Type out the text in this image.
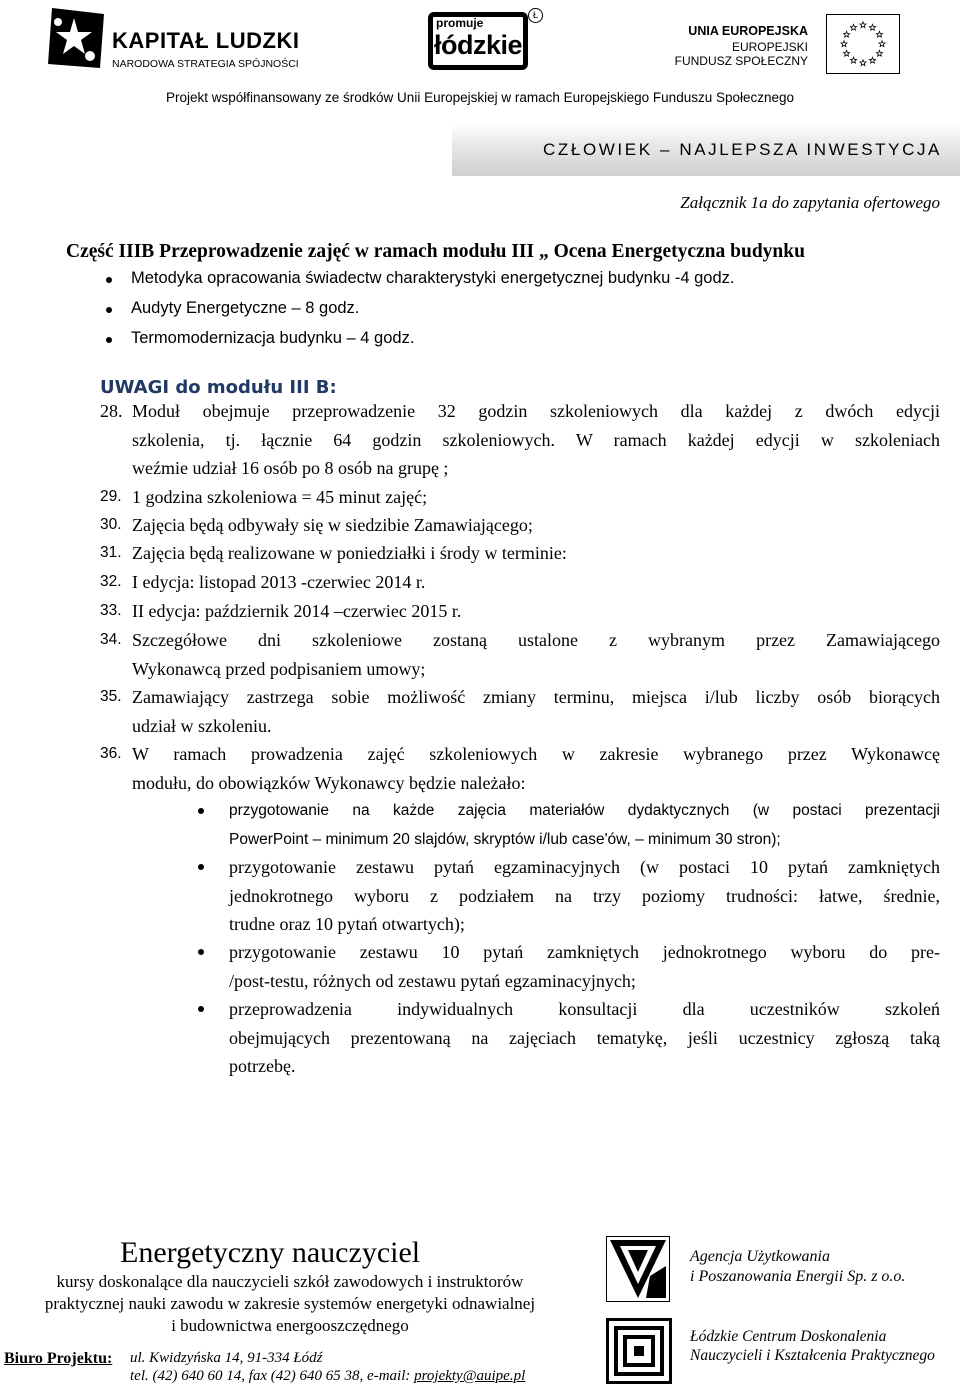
KAPITAŁ LUDZKI
NARODOWA STRATEGIA SPÓJNOŚCI
promuje
łódzkie
Ł
UNIA EUROPEJSKA
EUROPEJSKI
FUNDUSZ SPOŁECZNY
Projekt współfinansowany ze środków Unii Europejskiej w ramach Europejskiego Funduszu Społecznego
CZŁOWIEK – NAJLEPSZA INWESTYCJA
Załącznik 1a do zapytania ofertowego
Część IIIB Przeprowadzenie zajęć w ramach modułu III „ Ocena Energetyczna budynku
Metodyka opracowania świadectw charakterystyki energetycznej budynku -4 godz.
Audyty Energetyczne – 8 godz.
Termomodernizacja budynku – 4 godz.
UWAGI do modułu III B:
28. Moduł obejmuje przeprowadzenie 32 godzin szkoleniowych dla każdej z dwóch edycji
szkolenia, tj. łącznie 64 godzin szkoleniowych. W ramach każdej edycji w szkoleniach
weźmie udział 16 osób po 8 osób na grupę ;
29. 1 godzina szkoleniowa = 45 minut zajęć;
30. Zajęcia będą odbywały się w siedzibie Zamawiającego;
31. Zajęcia będą realizowane w poniedziałki i środy w terminie:
32. I edycja: listopad 2013 -czerwiec 2014 r.
33. II edycja: październik 2014 –czerwiec 2015 r.
34. Szczegółowe dni szkoleniowe zostaną ustalone z wybranym przez Zamawiającego
Wykonawcą przed podpisaniem umowy;
35. Zamawiający zastrzega sobie możliwość zmiany terminu, miejsca i/lub liczby osób biorących
udział w szkoleniu.
36. W ramach prowadzenia zajęć szkoleniowych w zakresie wybranego przez Wykonawcę
modułu, do obowiązków Wykonawcy będzie należało:
przygotowanie na każde zajęcia materiałów dydaktycznych (w postaci prezentacji
PowerPoint – minimum 20 slajdów, skryptów i/lub case'ów, – minimum 30 stron);
przygotowanie zestawu pytań egzaminacyjnych (w postaci 10 pytań zamkniętych
jednokrotnego wyboru z podziałem na trzy poziomy trudności: łatwe, średnie,
trudne oraz 10 pytań otwartych);
przygotowanie zestawu 10 pytań zamkniętych jednokrotnego wyboru do pre-
/post-testu, różnych od zestawu pytań egzaminacyjnych;
przeprowadzenia indywidualnych konsultacji dla uczestników szkoleń
obejmujących prezentowaną na zajęciach tematykę, jeśli uczestnicy zgłoszą taką
potrzebę.
Energetyczny nauczyciel
kursy doskonalące dla nauczycieli szkół zawodowych i instruktorów
praktycznej nauki zawodu w zakresie systemów energetyki odnawialnej
i budownictwa energooszczędnego
Biuro Projektu: ul. Kwidzyńska 14, 91-334 Łódź
tel. (42) 640 60 14, fax (42) 640 65 38, e-mail: projekty@auipe.pl
Agencja Użytkowania
i Poszanowania Energii Sp. z o.o.
Łódzkie Centrum Doskonalenia
Nauczycieli i Kształcenia Praktycznego
